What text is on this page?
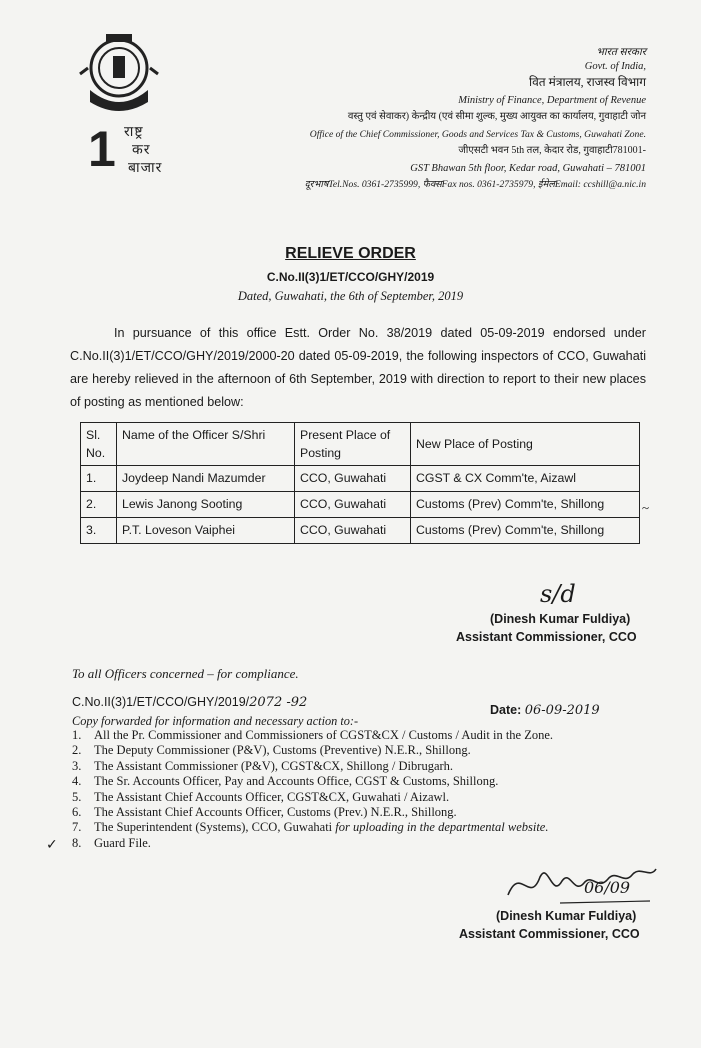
1 राष्ट्र
कर
बाजार
भारत सरकार
Govt. of India,
वित मंत्रालय, राजस्व विभाग
Ministry of Finance, Department of Revenue
वस्तु एवं सेवाकर) केन्द्रीय (एवं सीमा शुल्क, मुख्य आयुक्त का कार्यालय, गुवाहाटी जोन
Office of the Chief Commissioner, Goods and Services Tax & Customs, Guwahati Zone.
जीएसटी भवन 5th तल, केदार रोड, गुवाहाटी781001-
GST Bhawan 5th floor, Kedar road, Guwahati – 781001
दूरभाषTel.Nos. 0361-2735999, फैक्सFax nos. 0361-2735979, ईमेलEmail: ccshill@a.nic.in
RELIEVE ORDER
C.No.II(3)1/ET/CCO/GHY/2019
Dated, Guwahati, the 6th of September, 2019
In pursuance of this office Estt. Order No. 38/2019 dated 05-09-2019 endorsed under C.No.II(3)1/ET/CCO/GHY/2019/2000-20 dated 05-09-2019, the following inspectors of CCO, Guwahati are hereby relieved in the afternoon of 6th September, 2019 with direction to report to their new places of posting as mentioned below:
Sl. No.	Name of the Officer S/Shri	Present Place of Posting	New Place of Posting
1.	Joydeep Nandi Mazumder	CCO, Guwahati	CGST & CX Comm'te, Aizawl
2.	Lewis Janong Sooting	CCO, Guwahati	Customs (Prev) Comm'te, Shillong
3.	P.T. Loveson Vaiphei	CCO, Guwahati	Customs (Prev) Comm'te, Shillong
~
s/d
(Dinesh Kumar Fuldiya)
Assistant Commissioner, CCO
To all Officers concerned – for compliance.
C.No.II(3)1/ET/CCO/GHY/2019/2072 -92	Date: 06-09-2019
Copy forwarded for information and necessary action to:-
1. All the Pr. Commissioner and Commissioners of CGST&CX / Customs / Audit in the Zone.
2. The Deputy Commissioner (P&V), Customs (Preventive) N.E.R., Shillong.
3. The Assistant Commissioner (P&V), CGST&CX, Shillong / Dibrugarh.
4. The Sr. Accounts Officer, Pay and Accounts Office, CGST & Customs, Shillong.
5. The Assistant Chief Accounts Officer, CGST&CX, Guwahati / Aizawl.
6. The Assistant Chief Accounts Officer, Customs (Prev.) N.E.R., Shillong.
7. The Superintendent (Systems), CCO, Guwahati for uploading in the departmental website.
8. Guard File.
✓
06/09
(Dinesh Kumar Fuldiya)
Assistant Commissioner, CCO
